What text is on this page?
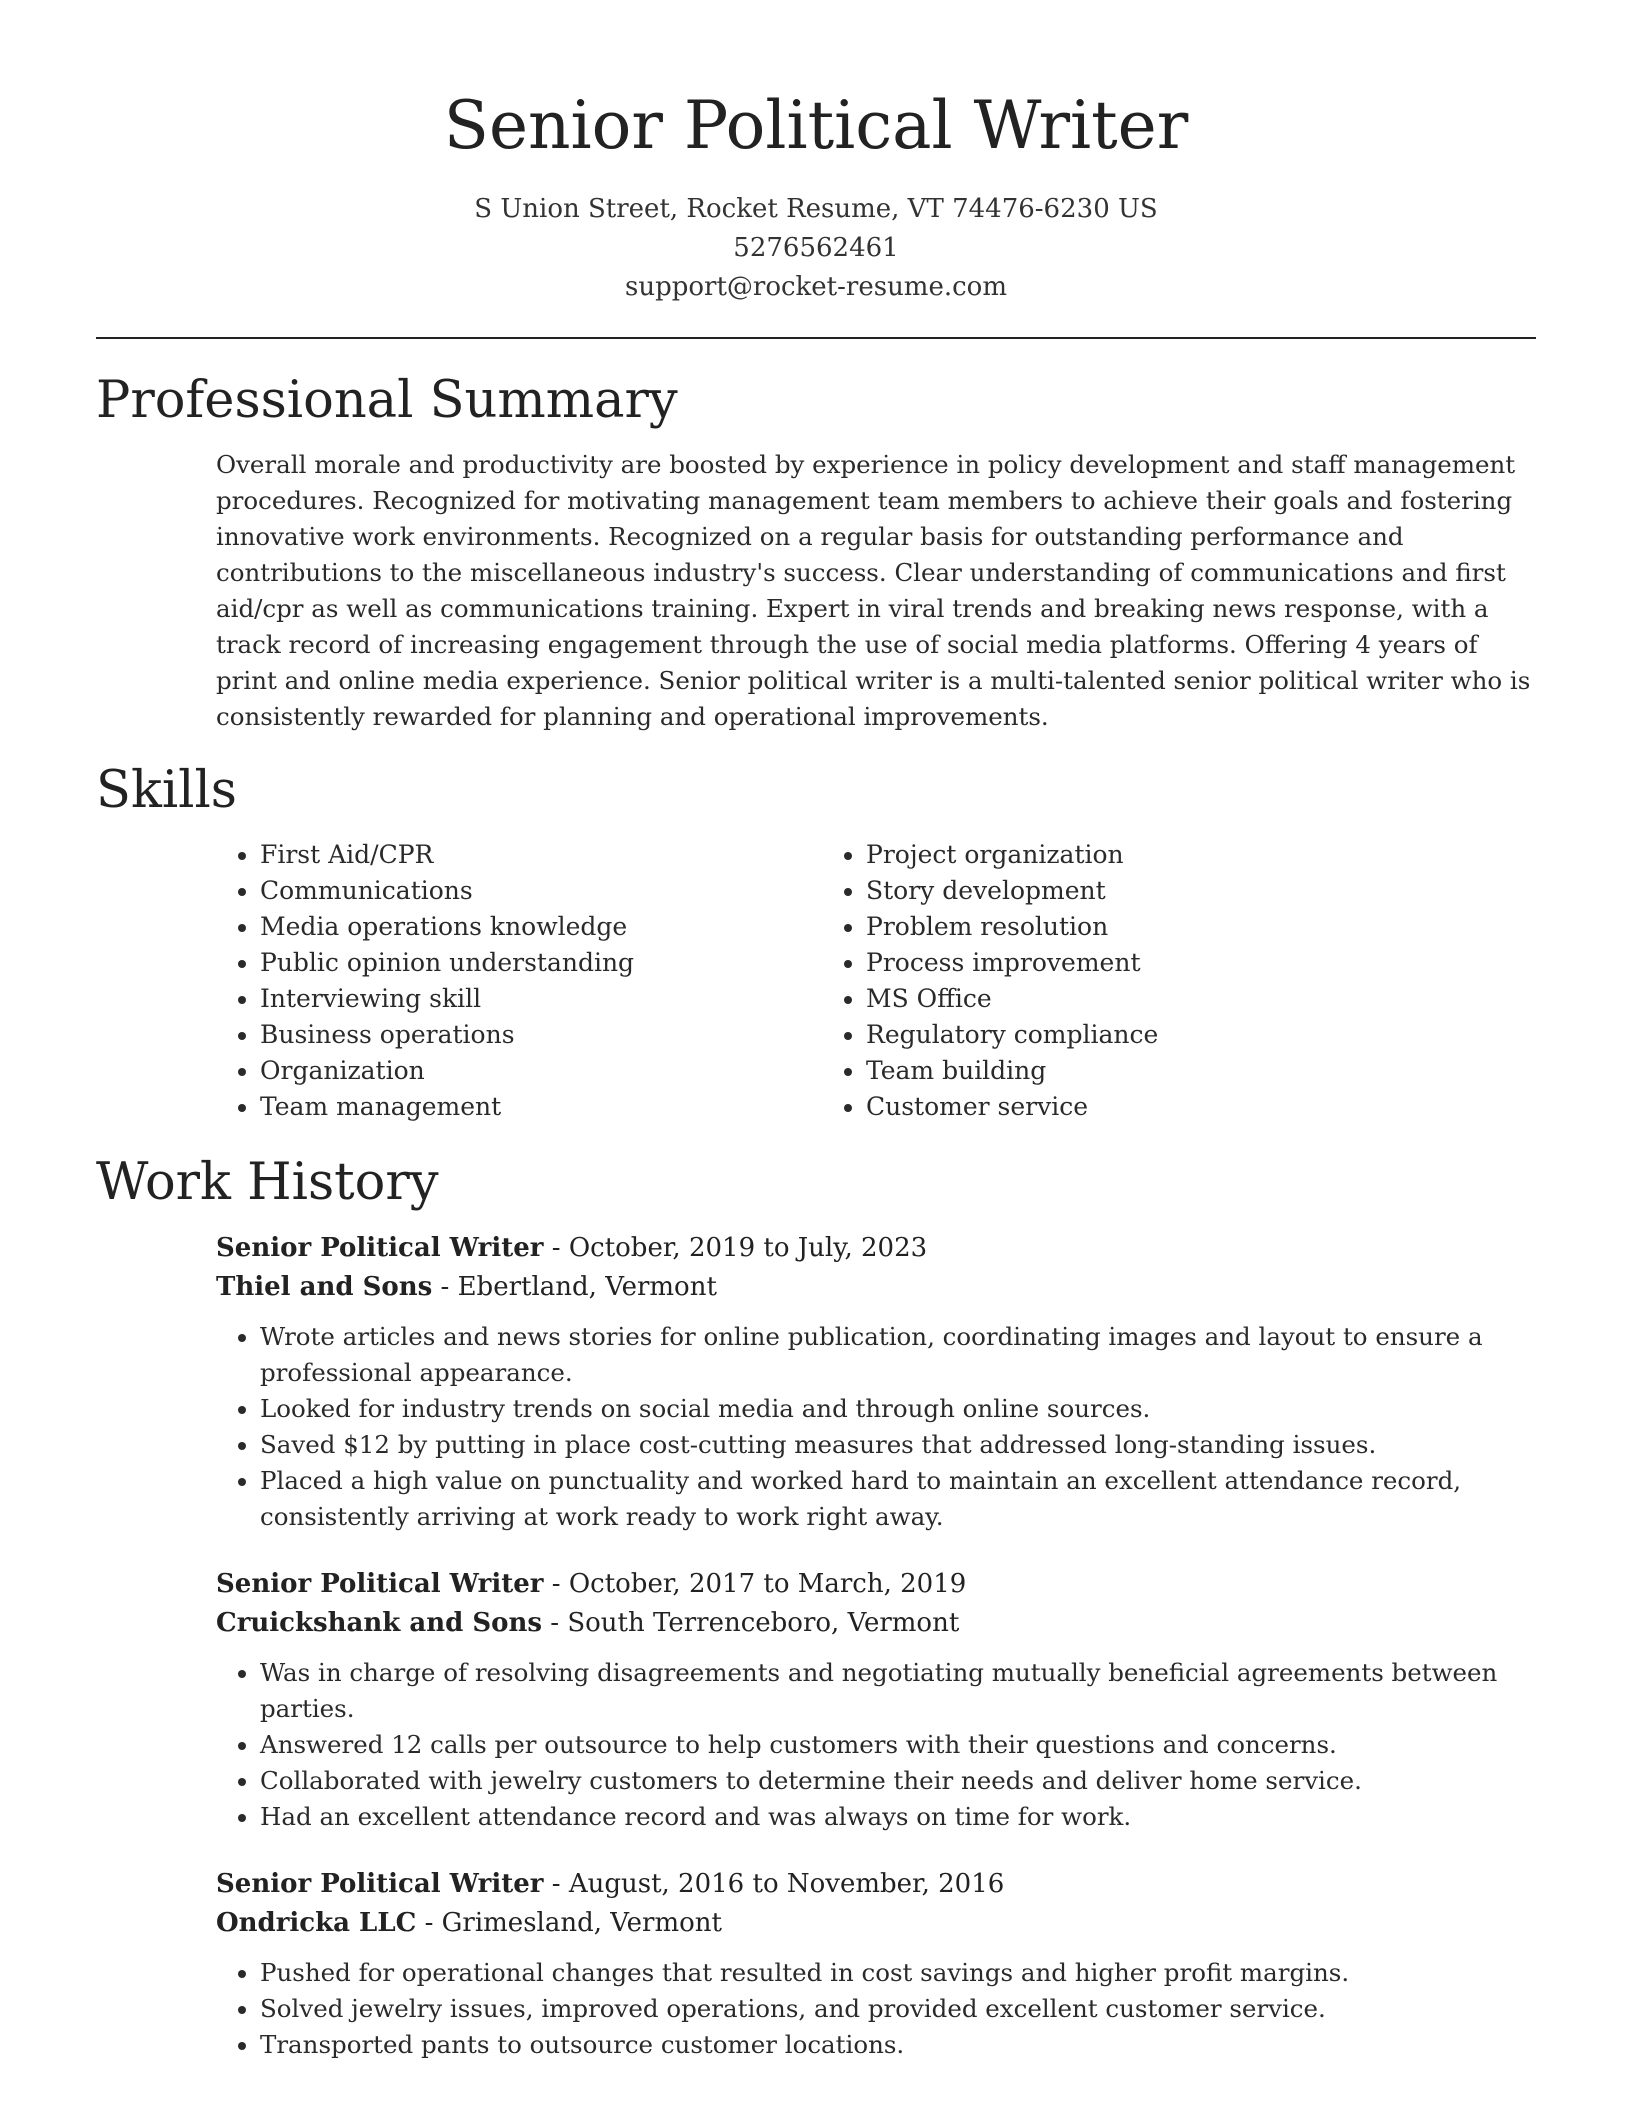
Senior Political Writer
S Union Street, Rocket Resume, VT 74476-6230 US
5276562461
support@rocket-resume.com
Professional Summary

Overall morale and productivity are boosted by experience in policy development and staff management procedures. Recognized for motivating management team members to achieve their goals and fostering innovative work environments. Recognized on a regular basis for outstanding performance and contributions to the miscellaneous industry's success. Clear understanding of communications and first aid/cpr as well as communications training. Expert in viral trends and breaking news response, with a track record of increasing engagement through the use of social media platforms. Offering 4 years of print and online media experience. Senior political writer is a multi-talented senior political writer who is consistently rewarded for planning and operational improvements.

Skills
• First Aid/CPR
• Communications
• Media operations knowledge
• Public opinion understanding
• Interviewing skill
• Business operations
• Organization
• Team management
• Project organization
• Story development
• Problem resolution
• Process improvement
• MS Office
• Regulatory compliance
• Team building
• Customer service
Work History
Senior Political Writer - October, 2019 to July, 2023
Thiel and Sons - Ebertland, Vermont
• Wrote articles and news stories for online publication, coordinating images and layout to ensure a professional appearance.
• Looked for industry trends on social media and through online sources.
• Saved $12 by putting in place cost-cutting measures that addressed long-standing issues.
• Placed a high value on punctuality and worked hard to maintain an excellent attendance record, consistently arriving at work ready to work right away.
Senior Political Writer - October, 2017 to March, 2019
Cruickshank and Sons - South Terrenceboro, Vermont
• Was in charge of resolving disagreements and negotiating mutually beneficial agreements between parties.
• Answered 12 calls per outsource to help customers with their questions and concerns.
• Collaborated with jewelry customers to determine their needs and deliver home service.
• Had an excellent attendance record and was always on time for work.
Senior Political Writer - August, 2016 to November, 2016
Ondricka LLC - Grimesland, Vermont
• Pushed for operational changes that resulted in cost savings and higher profit margins.
• Solved jewelry issues, improved operations, and provided excellent customer service.
• Transported pants to outsource customer locations.
